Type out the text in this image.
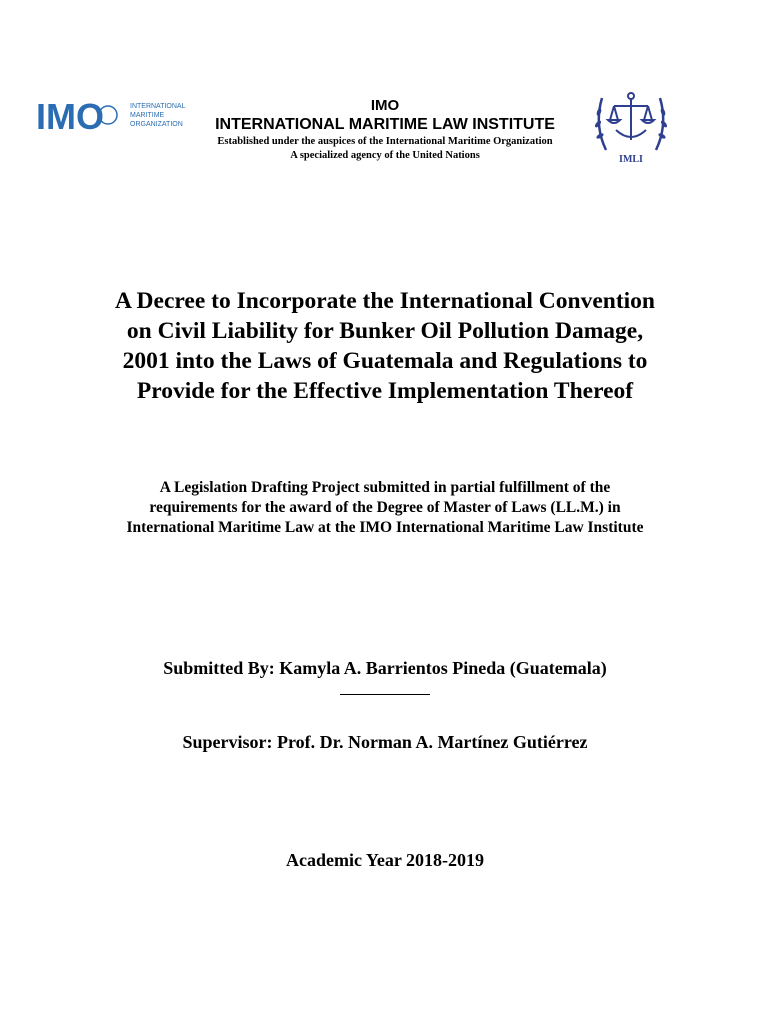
IMO	INTERNATIONAL
MARITIME
ORGANIZATION
IMO
INTERNATIONAL MARITIME LAW INSTITUTE
Established under the auspices of the International Maritime Organization
A specialized agency of the United Nations	IMLI
A Decree to Incorporate the International Convention
on Civil Liability for Bunker Oil Pollution Damage,
2001 into the Laws of Guatemala and Regulations to
Provide for the Effective Implementation Thereof
A Legislation Drafting Project submitted in partial fulfillment of the
requirements for the award of the Degree of Master of Laws (LL.M.) in
International Maritime Law at the IMO International Maritime Law Institute
Submitted By: Kamyla A. Barrientos Pineda (Guatemala)
Supervisor: Prof. Dr. Norman A. Martínez Gutiérrez
Academic Year 2018-2019
